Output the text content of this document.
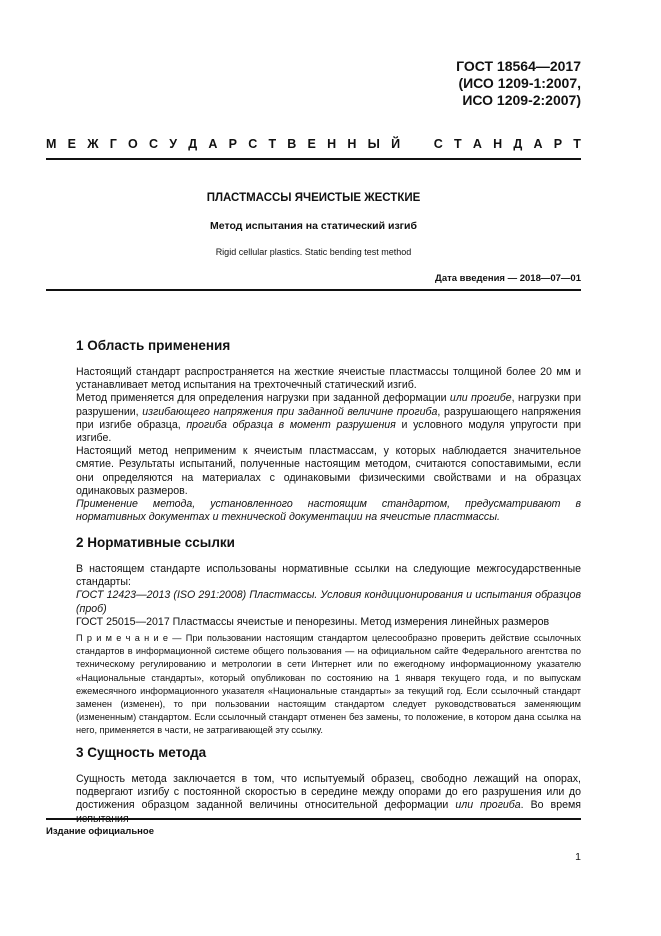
ГОСТ 18564—2017
(ИСО 1209-1:2007,
ИСО 1209-2:2007)
М Е Ж Г О С У Д А Р С Т В Е Н Н Ы Й	С Т А Н Д А Р Т
ПЛАСТМАССЫ ЯЧЕИСТЫЕ ЖЕСТКИЕ
Метод испытания на статический изгиб
Rigid cellular plastics. Static bending test method
Дата введения — 2018—07—01
1 Область применения

Настоящий стандарт распространяется на жесткие ячеистые пластмассы толщиной более 20 мм и устанавливает метод испытания на трехточечный статический изгиб.

Метод применяется для определения нагрузки при заданной деформации или прогибе, нагрузки при разрушении, изгибающего напряжения при заданной величине прогиба, разрушающего напряжения при изгибе образца, прогиба образца в момент разрушения и условного модуля упругости при изгибе.

Настоящий метод неприменим к ячеистым пластмассам, у которых наблюдается значительное смятие. Результаты испытаний, полученные настоящим методом, считаются сопоставимыми, если они определяются на материалах с одинаковыми физическими свойствами и на образцах одинаковых размеров.

Применение метода, установленного настоящим стандартом, предусматривают в нормативных документах и технической документации на ячеистые пластмассы.

2 Нормативные ссылки

В настоящем стандарте использованы нормативные ссылки на следующие межгосударственные стандарты:

ГОСТ 12423—2013 (ISO 291:2008) Пластмассы. Условия кондиционирования и испытания образцов (проб)

ГОСТ 25015—2017 Пластмассы ячеистые и пенорезины. Метод измерения линейных размеров

П р и м е ч а н и е — При пользовании настоящим стандартом целесообразно проверить действие ссылочных стандартов в информационной системе общего пользования — на официальном сайте Федерального агентства по техническому регулированию и метрологии в сети Интернет или по ежегодному информационному указателю «Национальные стандарты», который опубликован по состоянию на 1 января текущего года, и по выпускам ежемесячного информационного указателя «Национальные стандарты» за текущий год. Если ссылочный стандарт заменен (изменен), то при пользовании настоящим стандартом следует руководствоваться заменяющим (измененным) стандартом. Если ссылочный стандарт отменен без замены, то положение, в котором дана ссылка на него, применяется в части, не затрагивающей эту ссылку.
3 Сущность метода

Сущность метода заключается в том, что испытуемый образец, свободно лежащий на опорах, подвергают изгибу с постоянной скоростью в середине между опорами до его разрушения или до достижения образцом заданной величины относительной деформации или прогиба. Во время

Издание официальное
1
